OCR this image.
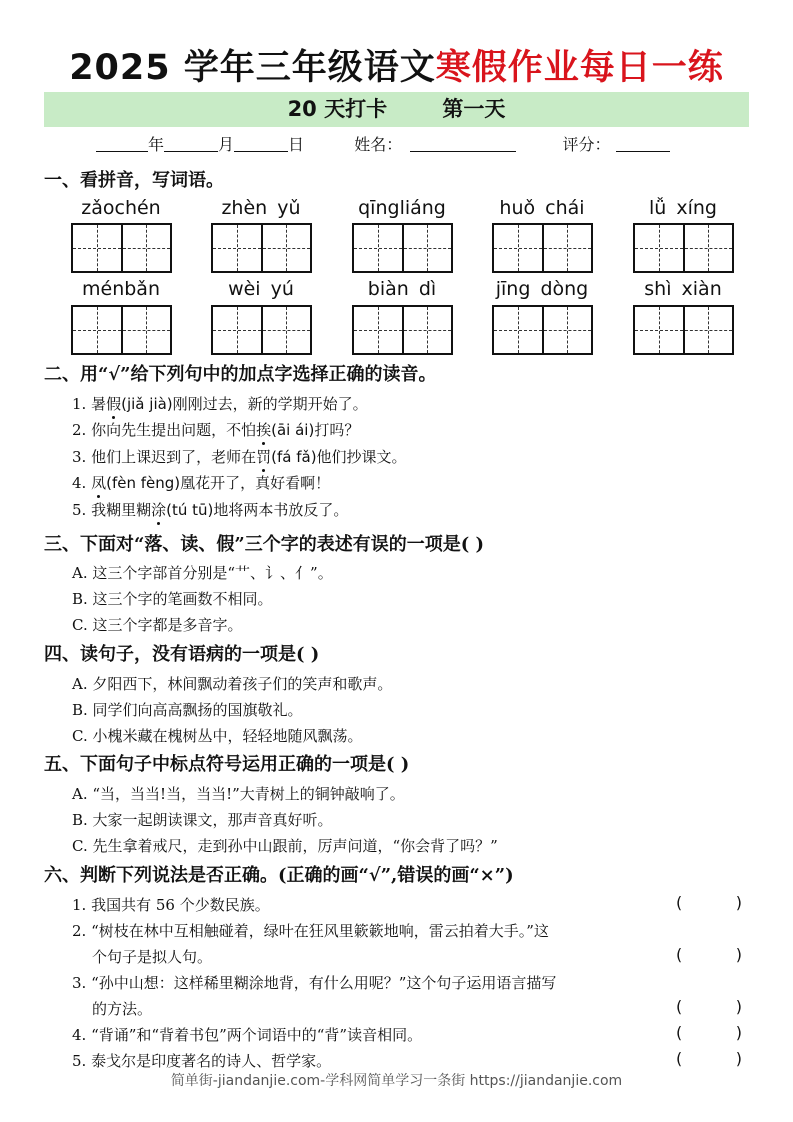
2025 学年三年级语文寒假作业每日一练
20 天打卡	第一天
年	月	日	姓名：	评分：
一、看拼音，写词语。
zǎochén	zhèn yǔ	qīngliáng	huǒ chái	lǚ xíng
ménbǎn	wèi yú	biàn dì	jīng dòng	shì xiàn
二、用“√”给下列句中的加点字选择正确的读音。
1. 暑假(jiǎ jià)刚刚过去，新的学期开始了。
2. 你向先生提出问题，不怕挨(āi ái)打吗？
3. 他们上课迟到了，老师在罚(fá fǎ)他们抄课文。
4. 凤(fèn fèng)凰花开了，真好看啊！
5. 我糊里糊涂(tú tū)地将两本书放反了。
三、下面对“落、读、假”三个字的表述有误的一项是( )
A. 这三个字部首分别是“艹、讠、亻”。
B. 这三个字的笔画数不相同。
C. 这三个字都是多音字。
四、读句子，没有语病的一项是( )
A. 夕阳西下，林间飘动着孩子们的笑声和歌声。
B. 同学们向高高飘扬的国旗敬礼。
C. 小槐米藏在槐树丛中，轻轻地随风飘荡。
五、下面句子中标点符号运用正确的一项是( )
A. “当，当当!当，当当!”大青树上的铜钟敲响了。
B. 大家一起朗读课文，那声音真好听。
C. 先生拿着戒尺，走到孙中山跟前，厉声问道，“你会背了吗？”
六、判断下列说法是否正确。(正确的画“√”,错误的画“×”)
1. 我国共有 56 个少数民族。	(	)
2. “树枝在林中互相触碰着，绿叶在狂风里簌簌地响，雷云拍着大手。”这
个句子是拟人句。	(	)
3. “孙中山想：这样稀里糊涂地背，有什么用呢？”这个句子运用语言描写
的方法。	(	)
4. “背诵”和“背着书包”两个词语中的“背”读音相同。	(	)
5. 泰戈尔是印度著名的诗人、哲学家。	(	)
简单街-jiandanjie.com-学科网简单学习一条街 https://jiandanjie.com
